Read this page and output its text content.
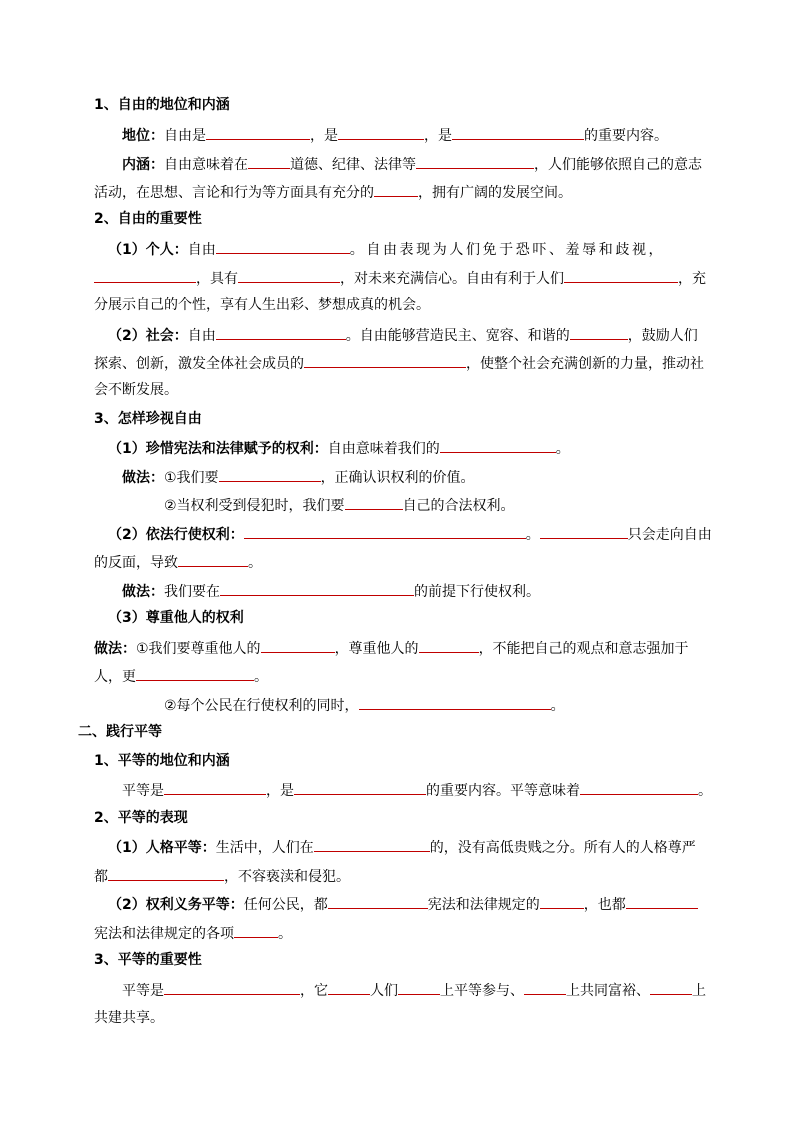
1、自由的地位和内涵
地位：自由是	，是	，是	的重要内容。
内涵：自由意味着在	道德、纪律、法律等	，人们能够依照自己的意志
活动，在思想、言论和行为等方面具有充分的	，拥有广阔的发展空间。
2、自由的重要性
（1）个人：自由	。自由表现为人们免于恐吓、羞辱和歧视，
，具有	，对未来充满信心。自由有利于人们	，充
分展示自己的个性，享有人生出彩、梦想成真的机会。
（2）社会：自由	。自由能够营造民主、宽容、和谐的	，鼓励人们
探索、创新，激发全体社会成员的	，使整个社会充满创新的力量，推动社
会不断发展。
3、怎样珍视自由
（1）珍惜宪法和法律赋予的权利：自由意味着我们的	。
做法：①我们要	，正确认识权利的价值。
②当权利受到侵犯时，我们要	自己的合法权利。
（2）依法行使权利：	。	只会走向自由
的反面，导致	。
做法：我们要在	的前提下行使权利。
（3）尊重他人的权利
做法：①我们要尊重他人的	，尊重他人的	，不能把自己的观点和意志强加于
人，更	。
②每个公民在行使权利的同时，	。
二、践行平等
1、平等的地位和内涵
平等是	，是	的重要内容。平等意味着	。
2、平等的表现
（1）人格平等：生活中，人们在	的，没有高低贵贱之分。所有人的人格尊严
都	，不容亵渎和侵犯。
（2）权利义务平等：任何公民，都	宪法和法律规定的	，也都
宪法和法律规定的各项	。
3、平等的重要性
平等是	，它	人们	上平等参与、	上共同富裕、	上
共建共享。
